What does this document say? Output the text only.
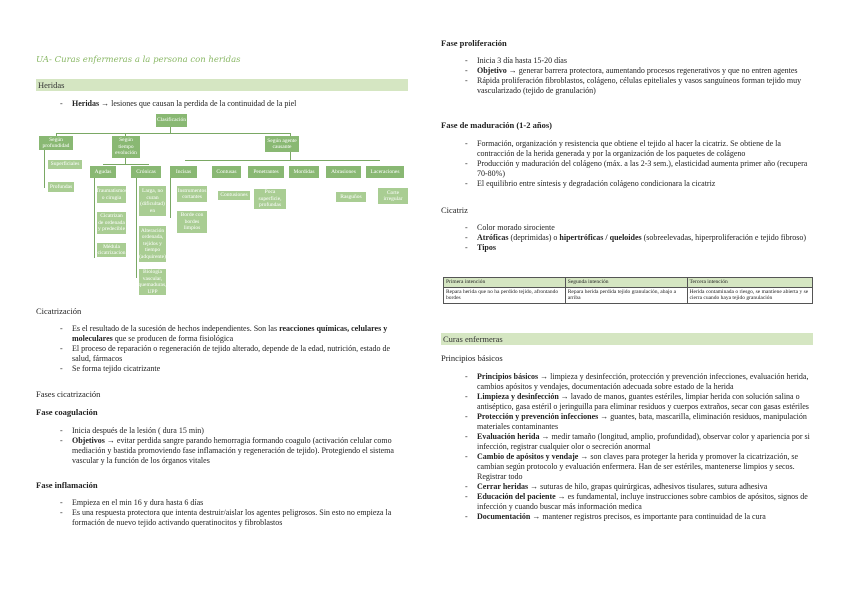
UA- Curas enfermeras a la persona con heridas
Heridas
- Heridas → lesiones que causan la perdida de la continuidad de la piel
Clasificación
Según profundidad
Superficiales
Profundas
Según tiempo evolución
Agudas
Traumatismos o cirugia
Cicatrizan de ordenada y predecible
Médula cicatrizacion
Crónicas
Larga, no curan (dificultad) en
Alteración ordenada, tejidos y tiempo (adquirente)
Biología vascular, quemaduras, UPP
Según agente causante
Incisas	Contusas	Penetrantes	Mordidas	Abrasiones	Laceraciones
Instrumentos cortantes
Borde con bordes limpios
Contusiones	Poca superficie, profundas
Rasguños
Corte irregular
Cicatrización
- Es el resultado de la sucesión de hechos independientes. Son las reacciones químicas, celulares y moleculares que se producen de forma fisiológica
- El proceso de reparación o regeneración de tejido alterado, depende de la edad, nutrición, estado de salud, fármacos
- Se forma tejido cicatrizante
Fases cicatrización
Fase coagulación
- Inicia después de la lesión ( dura 15 min)
- Objetivos → evitar perdida sangre parando hemorragia formando coagulo (activación celular como mediación y bastida promoviendo fase inflamación y regeneración de tejido). Protegiendo el sistema vascular y la función de los órganos vitales
Fase inflamación
- Empieza en el min 16 y dura hasta 6 días
- Es una respuesta protectora que intenta destruir/aislar los agentes peligrosos. Sin esto no empieza la formación de nuevo tejido activando queratinocitos y fibroblastos
Fase proliferación
- Inicia 3 día hasta 15-20 días
- Objetivo → generar barrera protectora, aumentando procesos regenerativos y que no entren agentes
- Rápida proliferación fibroblastos, colágeno, células epiteliales y vasos sanguíneos forman tejido muy vascularizado (tejido de granulación)
Fase de maduración (1-2 años)
- Formación, organización y resistencia que obtiene el tejido al hacer la cicatriz. Se obtiene de la contracción de la herida generada y por la organización de los paquetes de colágeno
- Producción y maduración del colágeno (máx. a las 2-3 sem.), elasticidad aumenta primer año (recupera 70-80%)
- El equilibrio entre síntesis y degradación colágeno condicionara la cicatriz
Cicatriz
- Color morado sirociente
- Atróficas (deprimidas) o hipertróficas / queloides (sobreelevadas, hiperproliferación e tejido fibroso)
- Tipos
Primera intención	Segunda intención	Tercera intención
Repara herida que no ha perdido tejido, afrontando bordes	Repara herida perdida tejido granulación, abajo a arriba	Herida contaminada o riesgo, se mantiene abierta y se cierra cuando haya tejido granulación
Curas enfermeras
Principios básicos
- Principios básicos → limpieza y desinfección, protección y prevención infecciones, evaluación herida, cambios apósitos y vendajes, documentación adecuada sobre estado de la herida
- Limpieza y desinfección → lavado de manos, guantes estériles, limpiar herida con solución salina o antiséptico, gasa estéril o jeringuilla para eliminar residuos y cuerpos extraños, secar con gasas estériles
- Protección y prevención infecciones → guantes, bata, mascarilla, eliminación residuos, manipulación materiales contaminantes
- Evaluación herida → medir tamaño (longitud, amplio, profundidad), observar color y apariencia por si infección, registrar cualquier olor o secreción anormal
- Cambio de apósitos y vendaje → son claves para proteger la herida y promover la cicatrización, se cambian según protocolo y evaluación enfermera. Han de ser estériles, mantenerse limpios y secos. Registrar todo
- Cerrar heridas → suturas de hilo, grapas quirúrgicas, adhesivos tisulares, sutura adhesiva
- Educación del paciente → es fundamental, incluye instrucciones sobre cambios de apósitos, signos de infección y cuando buscar más información medica
- Documentación → mantener registros precisos, es importante para continuidad de la cura
